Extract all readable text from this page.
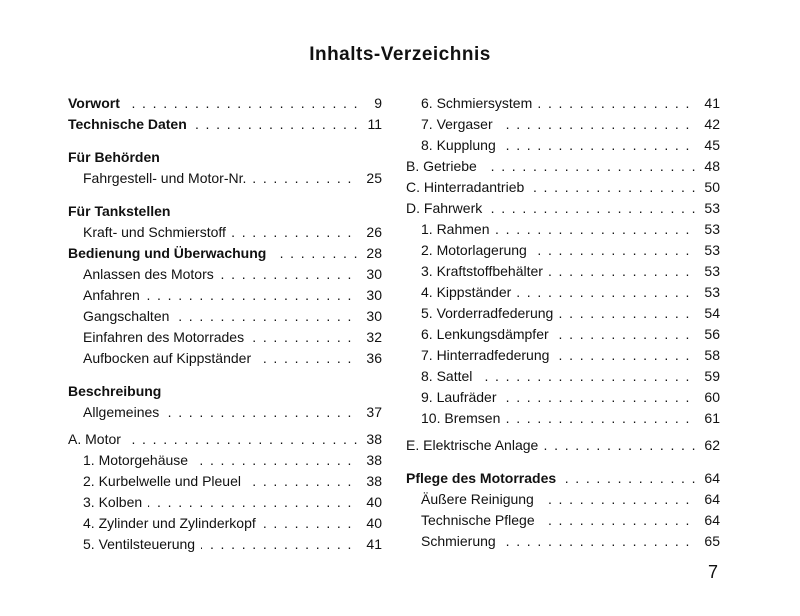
Inhalts-Verzeichnis
Vorwort	9
. . .
Technische Daten	11
. . .
Für Behörden
Fahrgestell- und Motor-Nr.	25
. . .
Für Tankstellen
Kraft- und Schmierstoff	26
. . .
Bedienung und Überwachung	28
. . .
Anlassen des Motors	30
. . .
Anfahren	30
. . .
Gangschalten	30
. . .
Einfahren des Motorrades	32
. . .
Aufbocken auf Kippständer	36
. . .
Beschreibung
Allgemeines	37
. . .
A. Motor	38
. . .
1. Motorgehäuse	38
. . .
2. Kurbelwelle und Pleuel	38
. . .
3. Kolben	40
. . .
4. Zylinder und Zylinderkopf	40
. . .
5. Ventilsteuerung	41
. . .
6. Schmiersystem	41
. . .
7. Vergaser	42
. . .
8. Kupplung	45
. . .
B. Getriebe	48
. . .
C. Hinterradantrieb	50
. . .
D. Fahrwerk	53
. . .
1. Rahmen	53
. . .
2. Motorlagerung	53
. . .
3. Kraftstoffbehälter	53
. . .
4. Kippständer	53
. . .
5. Vorderradfederung	54
. . .
6. Lenkungsdämpfer	56
. . .
7. Hinterradfederung	58
. . .
8. Sattel	59
. . .
9. Laufräder	60
. . .
10. Bremsen	61
. . .
E. Elektrische Anlage	62
. . .
Pflege des Motorrades	64
. . .
Äußere Reinigung	64
. . .
Technische Pflege	64
. . .
Schmierung	65
. . .
7
